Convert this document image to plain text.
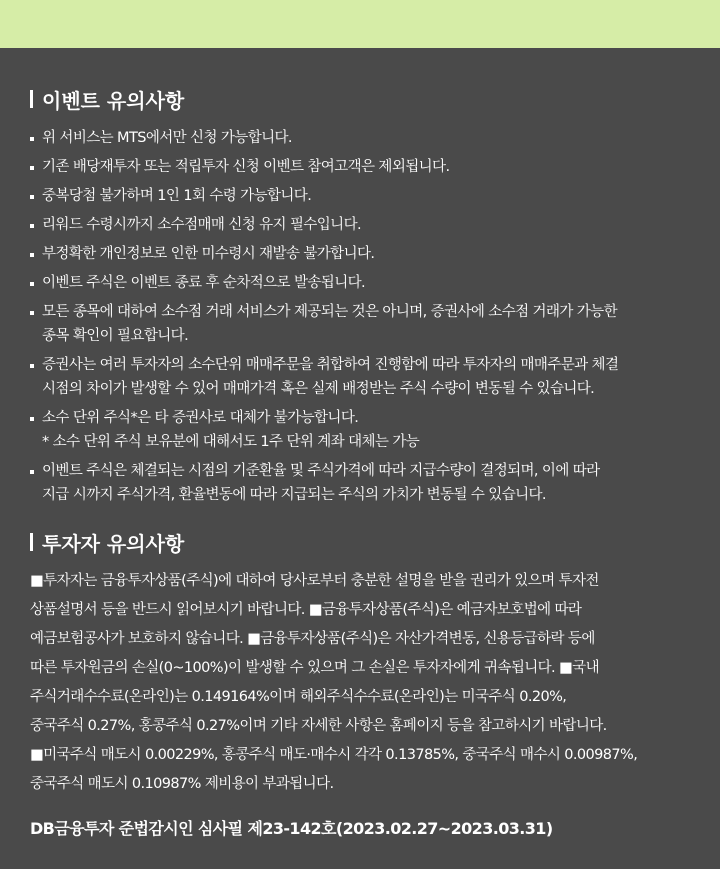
이벤트 유의사항
위 서비스는 MTS에서만 신청 가능합니다.
기존 배당재투자 또는 적립투자 신청 이벤트 참여고객은 제외됩니다.
중복당첨 불가하며 1인 1회 수령 가능합니다.
리워드 수령시까지 소수점매매 신청 유지 필수입니다.
부정확한 개인정보로 인한 미수령시 재발송 불가합니다.
이벤트 주식은 이벤트 종료 후 순차적으로 발송됩니다.
모든 종목에 대하여 소수점 거래 서비스가 제공되는 것은 아니며, 증권사에 소수점 거래가 가능한
종목 확인이 필요합니다.
증권사는 여러 투자자의 소수단위 매매주문을 취합하여 진행함에 따라 투자자의 매매주문과 체결
시점의 차이가 발생할 수 있어 매매가격 혹은 실제 배정받는 주식 수량이 변동될 수 있습니다.
소수 단위 주식*은 타 증권사로 대체가 불가능합니다.
* 소수 단위 주식 보유분에 대해서도 1주 단위 계좌 대체는 가능
이벤트 주식은 체결되는 시점의 기준환율 및 주식가격에 따라 지급수량이 결정되며, 이에 따라
지급 시까지 주식가격, 환율변동에 따라 지급되는 주식의 가치가 변동될 수 있습니다.
투자자 유의사항
■투자자는 금융투자상품(주식)에 대하여 당사로부터 충분한 설명을 받을 권리가 있으며 투자전
상품설명서 등을 반드시 읽어보시기 바랍니다. ■금융투자상품(주식)은 예금자보호법에 따라
예금보험공사가 보호하지 않습니다. ■금융투자상품(주식)은 자산가격변동, 신용등급하락 등에
따른 투자원금의 손실(0~100%)이 발생할 수 있으며 그 손실은 투자자에게 귀속됩니다. ■국내
주식거래수수료(온라인)는 0.149164%이며 해외주식수수료(온라인)는 미국주식 0.20%,
중국주식 0.27%, 홍콩주식 0.27%이며 기타 자세한 사항은 홈페이지 등을 참고하시기 바랍니다.
■미국주식 매도시 0.00229%, 홍콩주식 매도·매수시 각각 0.13785%, 중국주식 매수시 0.00987%,
중국주식 매도시 0.10987% 제비용이 부과됩니다.
DB금융투자 준법감시인 심사필 제23-142호(2023.02.27~2023.03.31)
